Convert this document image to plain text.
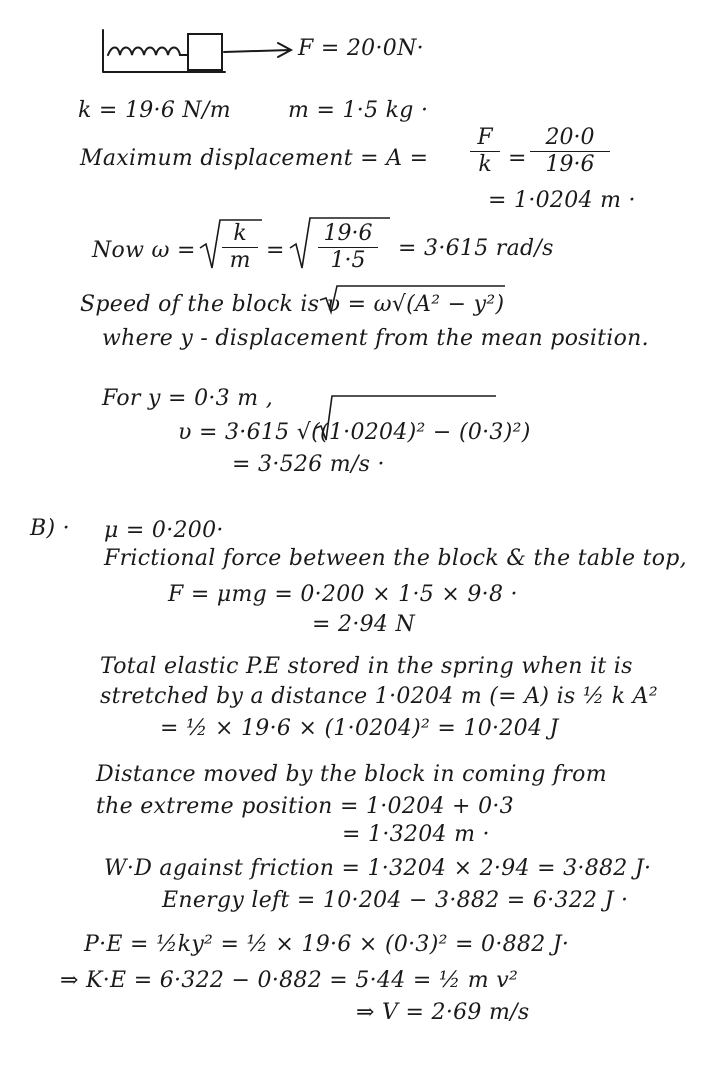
F = 20·0N·
k = 19·6 N/m	m = 1·5 kg ·
Maximum displacement = A =
F
k =
20·0
19·6
= 1·0204 m ·
Now ω =
k
m =
19·6
1·5	= 3·615 rad/s
Speed of the block is υ = ω√(A² − y²)
where y - displacement from the mean position.
For y = 0·3 m ,
υ = 3·615 √((1·0204)² − (0·3)²)
= 3·526 m/s ·
B) · μ = 0·200·
Frictional force between the block & the table top,
F = μmg = 0·200 × 1·5 × 9·8 ·
= 2·94 N
Total elastic P.E stored in the spring when it is
stretched by a distance 1·0204 m (= A) is ½ k A²
= ½ × 19·6 × (1·0204)² = 10·204 J
Distance moved by the block in coming from
the extreme position = 1·0204 + 0·3
= 1·3204 m ·
W·D against friction = 1·3204 × 2·94 = 3·882 J·
Energy left = 10·204 − 3·882 = 6·322 J ·
P·E = ½ky² = ½ × 19·6 × (0·3)² = 0·882 J·
⇒ K·E = 6·322 − 0·882 = 5·44 = ½ m v²
⇒ V = 2·69 m/s
